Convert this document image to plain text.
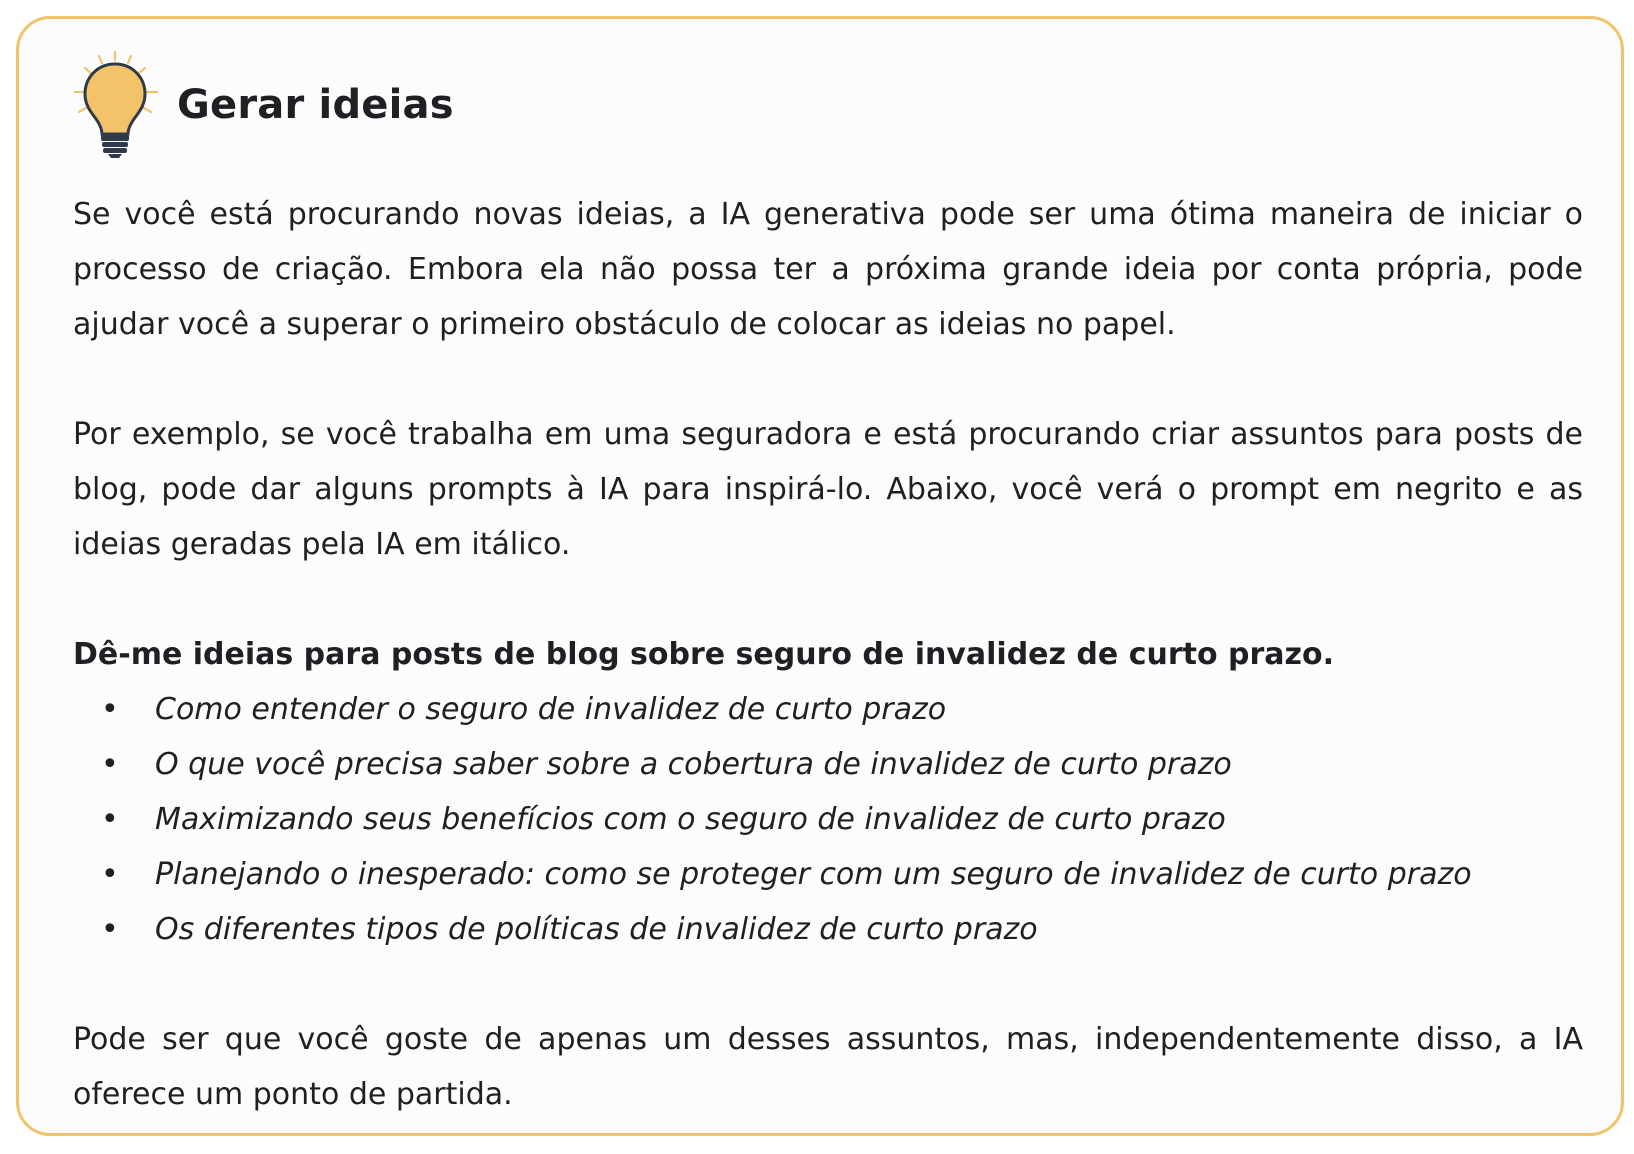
Gerar ideias

Se você está procurando novas ideias, a IA generativa pode ser uma ótima maneira de iniciar o processo de criação. Embora ela não possa ter a próxima grande ideia por conta própria, pode ajudar você a superar o primeiro obstáculo de colocar as ideias no papel.

Por exemplo, se você trabalha em uma seguradora e está procurando criar assuntos para posts de blog, pode dar alguns prompts à IA para inspirá-lo. Abaixo, você verá o prompt em negrito e as ideias geradas pela IA em itálico.

Dê-me ideias para posts de blog sobre seguro de invalidez de curto prazo.

• Como entender o seguro de invalidez de curto prazo
• O que você precisa saber sobre a cobertura de invalidez de curto prazo
• Maximizando seus benefícios com o seguro de invalidez de curto prazo
• Planejando o inesperado: como se proteger com um seguro de invalidez de curto prazo
• Os diferentes tipos de políticas de invalidez de curto prazo

Pode ser que você goste de apenas um desses assuntos, mas, independentemente disso, a IA oferece um ponto de partida.
